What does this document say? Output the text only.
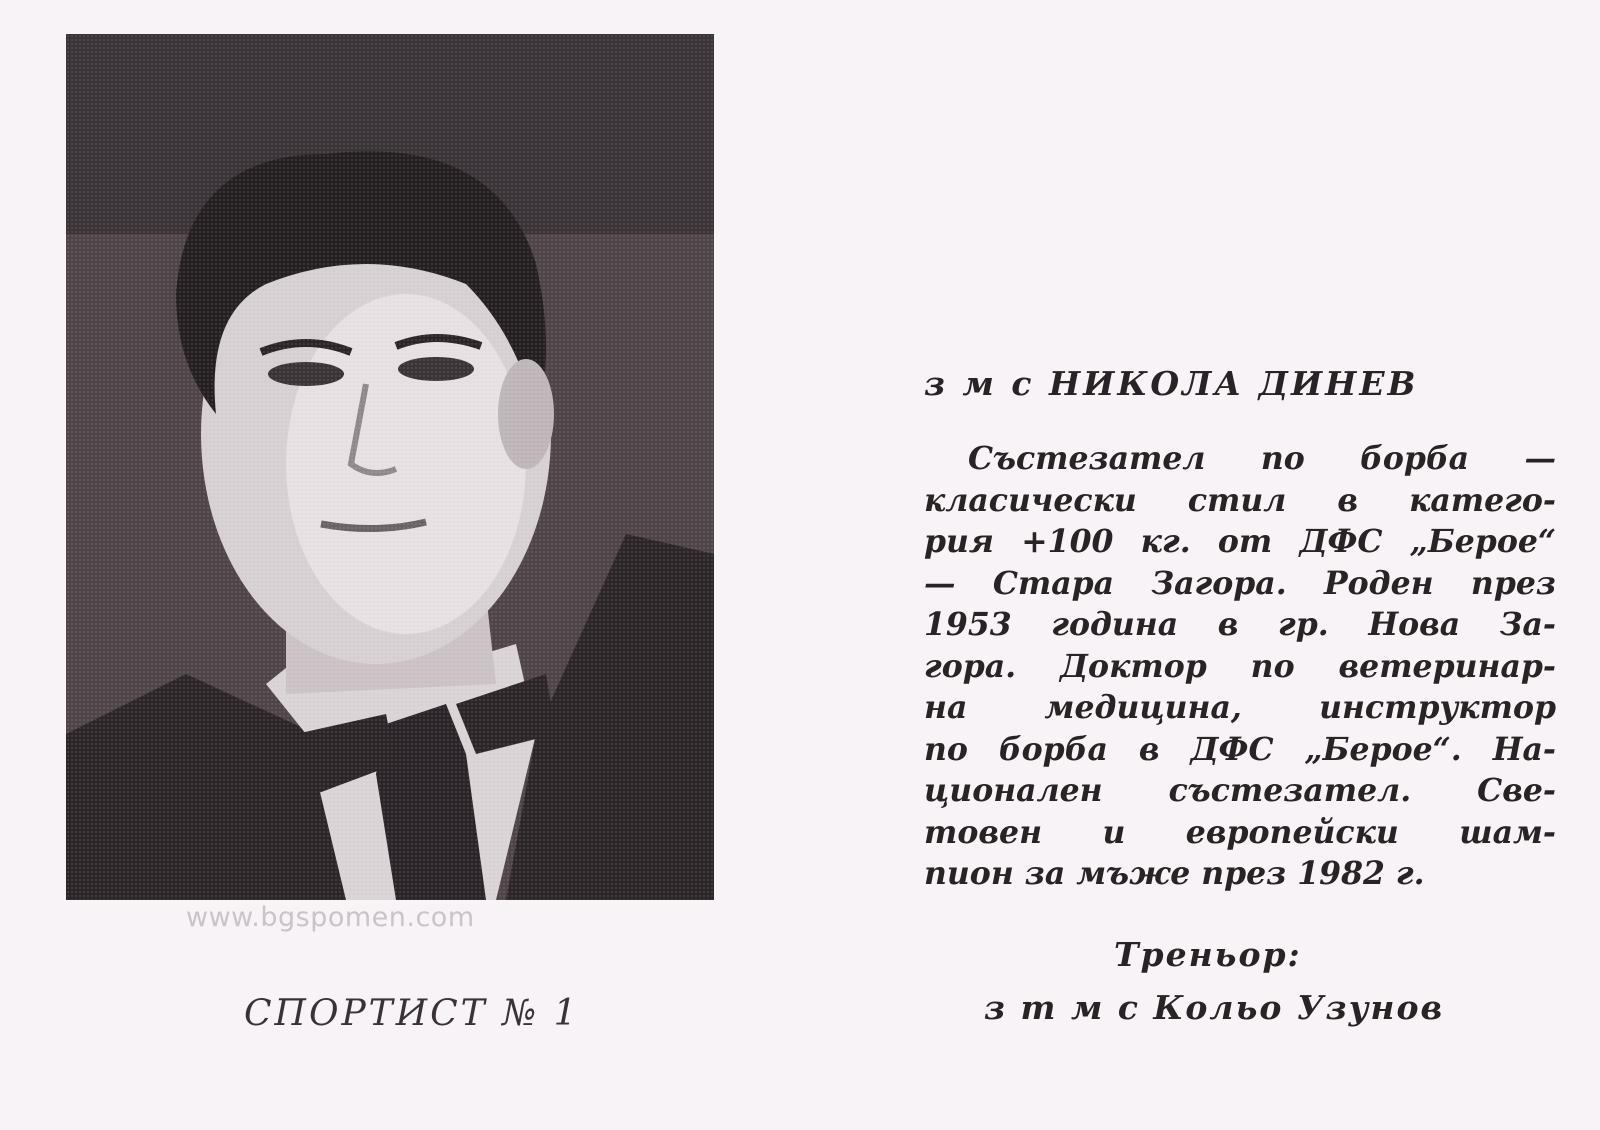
www.bgspomen.com
СПОРТИСТ № 1
з м с НИКОЛА ДИНЕВ
Състезател по борба —
класически стил в катего-
рия +100 кг. от ДФС „Берое“
— Стара Загора. Роден през
1953 година в гр. Нова За-
гора. Доктор по ветеринар-
на медицина, инструктор
по борба в ДФС „Берое“. На-
ционален състезател. Све-
товен и европейски шам-
пион за мъже през 1982 г.
Треньор:
з т м с Кольо Узунов
